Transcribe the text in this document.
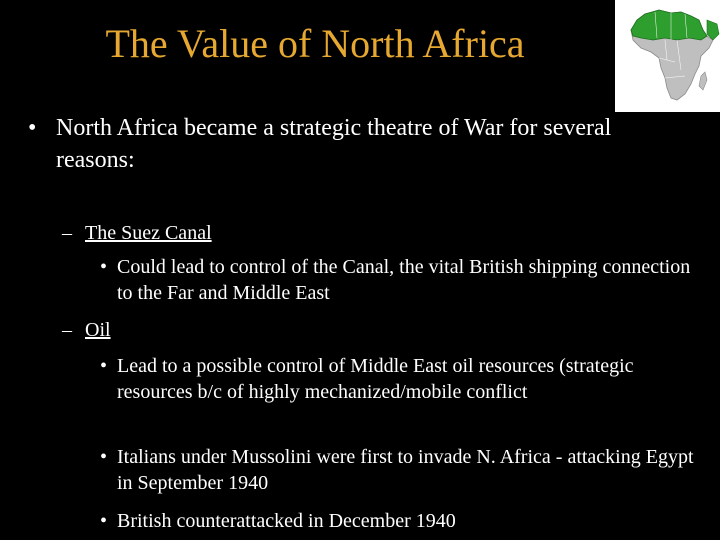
The Value of North Africa
• North Africa became a strategic theatre of War for several reasons:
– The Suez Canal
• Could lead to control of the Canal, the vital British shipping connection to the Far and Middle East
– Oil
• Lead to a possible control of Middle East oil resources (strategic resources b/c of highly mechanized/mobile conflict
• Italians under Mussolini were first to invade N. Africa - attacking Egypt in September 1940
• British counterattacked in December 1940
